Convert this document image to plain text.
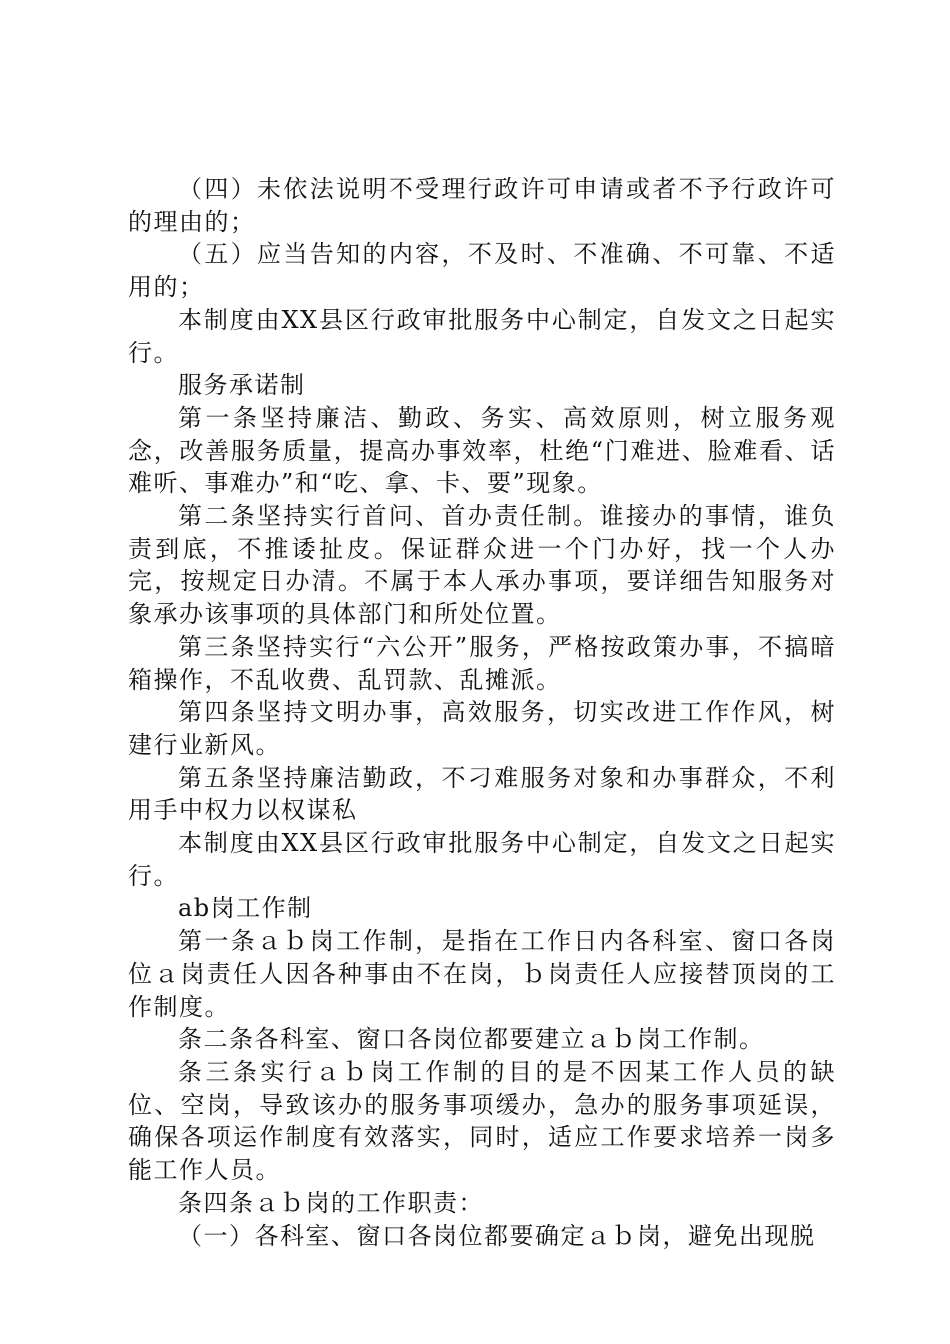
（四）未依法说明不受理行政许可申请或者不予行政许可的理由的；

（五）应当告知的内容，不及时、不准确、不可靠、不适用的；

本制度由XX县区行政审批服务中心制定，自发文之日起实行。

服务承诺制

第一条坚持廉洁、勤政、务实、高效原则，树立服务观念，改善服务质量，提高办事效率，杜绝“门难进、脸难看、话难听、事难办”和“吃、拿、卡、要”现象。

第二条坚持实行首问、首办责任制。谁接办的事情，谁负责到底，不推诿扯皮。保证群众进一个门办好，找一个人办完，按规定日办清。不属于本人承办事项，要详细告知服务对象承办该事项的具体部门和所处位置。

第三条坚持实行“六公开”服务，严格按政策办事，不搞暗箱操作，不乱收费、乱罚款、乱摊派。

第四条坚持文明办事，高效服务，切实改进工作作风，树建行业新风。

第五条坚持廉洁勤政，不刁难服务对象和办事群众，不利用手中权力以权谋私

本制度由XX县区行政审批服务中心制定，自发文之日起实行。

ab岗工作制

第一条ａｂ岗工作制，是指在工作日内各科室、窗口各岗位ａ岗责任人因各种事由不在岗，ｂ岗责任人应接替顶岗的工作制度。

条二条各科室、窗口各岗位都要建立ａｂ岗工作制。

条三条实行ａｂ岗工作制的目的是不因某工作人员的缺位、空岗，导致该办的服务事项缓办，急办的服务事项延误，确保各项运作制度有效落实，同时，适应工作要求培养一岗多能工作人员。

条四条ａｂ岗的工作职责：

（一）各科室、窗口各岗位都要确定ａｂ岗，避免出现脱
